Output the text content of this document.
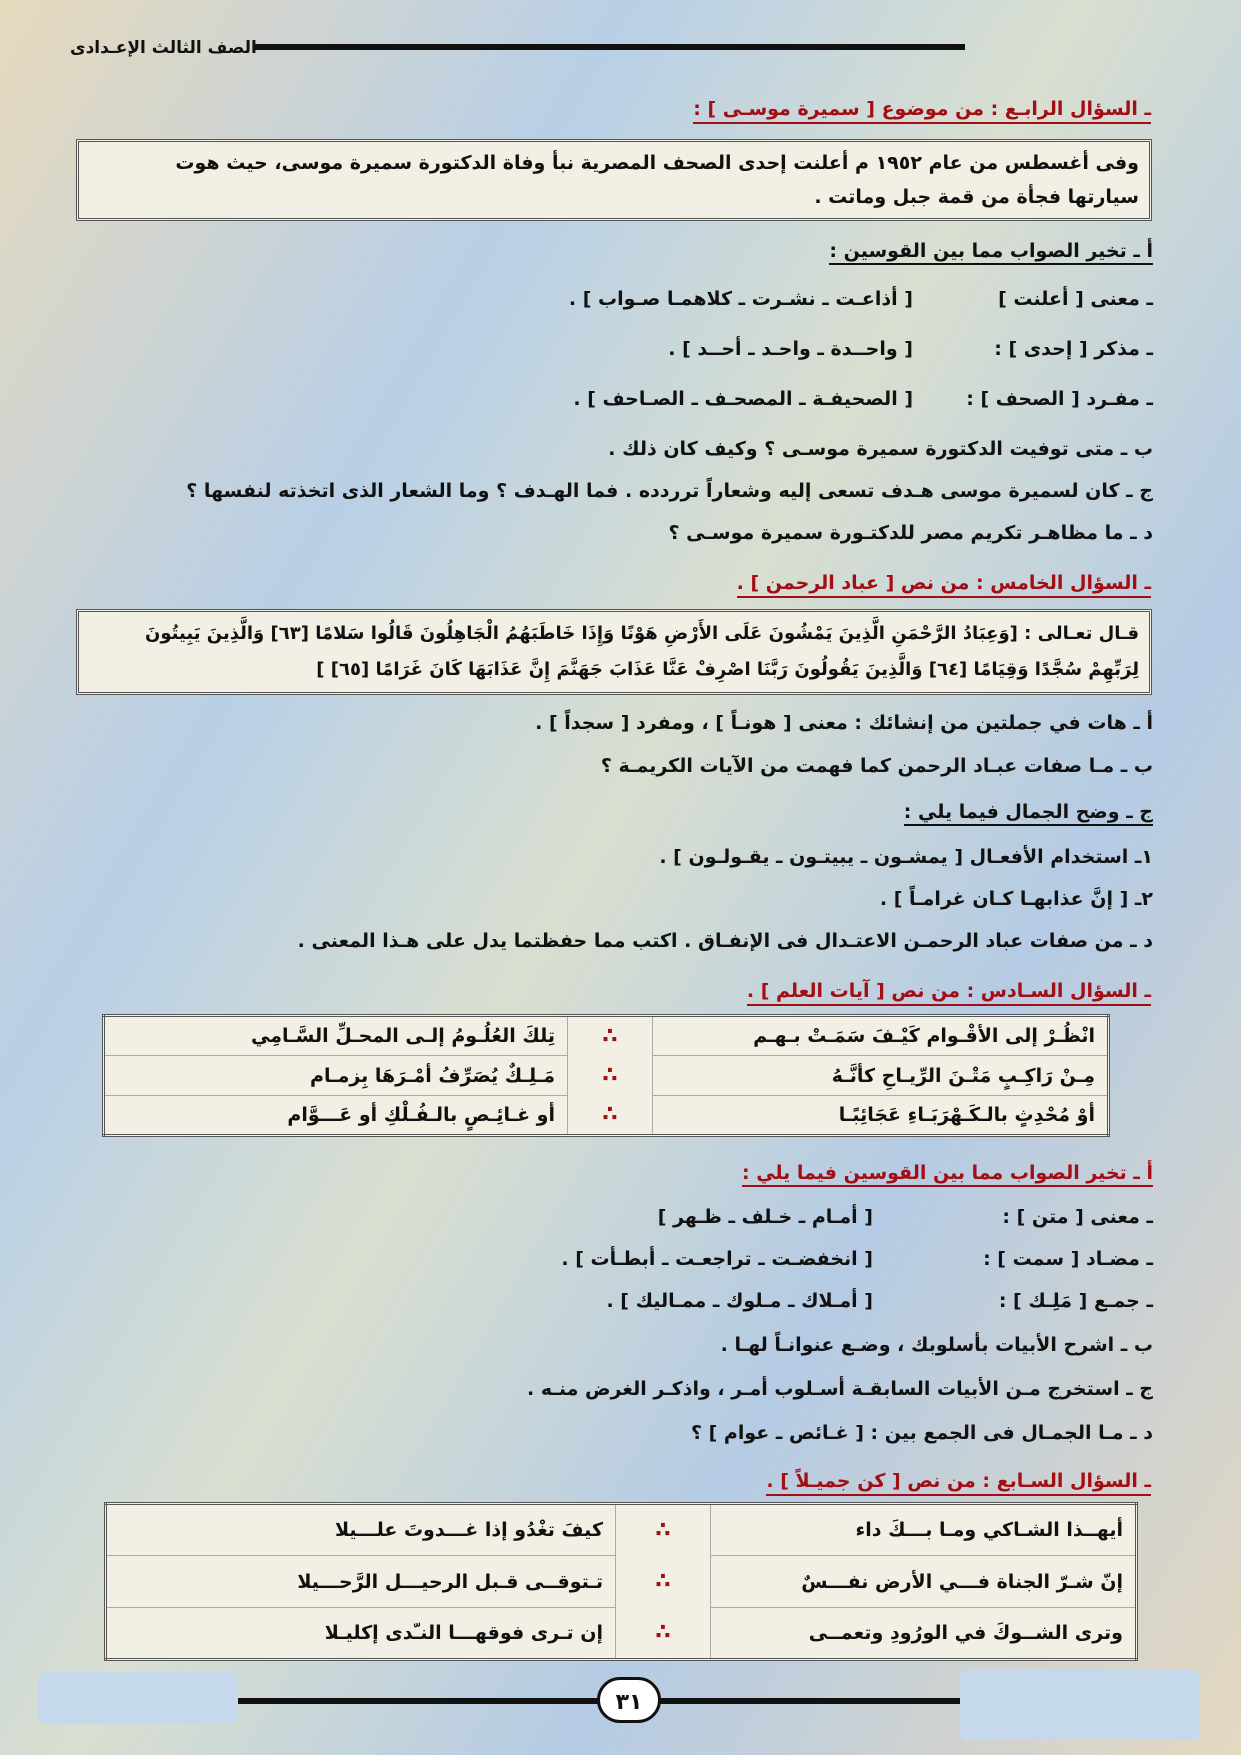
الصف الثالث الإعـدادى
ـ السؤال الرابـع : من موضوع [ سميرة موسـى ] :

وفى أغسطس من عام ١٩٥٢ م أعلنت إحدى الصحف المصرية نبأ وفاة الدكتورة سميرة موسى، حيث هوت

سيارتها فجأة من قمة جبل وماتت .

أ ـ تخير الصواب مما بين القوسين :
ـ معنى [ أعلنت ]
[ أذاعـت ـ نشـرت ـ كلاهمـا صـواب ] .
ـ مذكر [ إحدى ] :
[ واحــدة ـ واحـد ـ أحــد ] .
ـ مفـرد [ الصحف ] :
[ الصحيفـة ـ المصحـف ـ الصـاحف ] .
ب ـ متى توفيت الدكتورة سميرة موسـى ؟ وكيف كان ذلك .
ج ـ كان لسميرة موسى هـدف تسعى إليه وشعاراً ترردده . فما الهـدف ؟ وما الشعار الذى اتخذته لنفسها ؟
د ـ ما مظاهـر تكريم مصر للدكتـورة سميرة موسـى ؟
ـ السؤال الخامس : من نص [ عباد الرحمن ] .

قـال تعـالى : [وَعِبَادُ الرَّحْمَنِ الَّذِينَ يَمْشُونَ عَلَى الأَرْضِ هَوْنًا وَإِذَا خَاطَبَهُمُ الْجَاهِلُونَ قَالُوا سَلامًا [٦٣] وَالَّذِينَ يَبِيتُونَ

لِرَبِّهِمْ سُجَّدًا وَقِيَامًا [٦٤] وَالَّذِينَ يَقُولُونَ رَبَّنَا اصْرِفْ عَنَّا عَذَابَ جَهَنَّمَ إِنَّ عَذَابَهَا كَانَ غَرَامًا [٦٥] ]

أ ـ هات في جملتين من إنشائك : معنى [ هونـاً ] ، ومفرد [ سجداً ] .
ب ـ مـا صفات عبـاد الرحمن كما فهمت من الآيات الكريمـة ؟
ج ـ وضح الجمال فيما يلي :
١ـ استخدام الأفعـال [ يمشـون ـ يبيتـون ـ يقـولـون ] .
٢ـ [ إنَّ عذابهـا كـان غرامـاً ] .
د ـ من صفات عباد الرحمـن الاعتـدال فى الإنفـاق . اكتب مما حفظتما يدل على هـذا المعنى .
ـ السؤال السـادس : من نص [ آيات العلم ] .
انْظُـرْ إلى الأقْـوام كَيْـفَ سَمَـتْ بـهـم	∴	تِلكَ العُلُـومُ إلـى المحـلِّ السَّـامِي
مِـنْ رَاكِـبٍ مَتْـنَ الرِّيـاحِ كأنَّـهُ	∴	مَـلِـكٌ يُصَرِّفُ أمْـرَهَا بِزمـام
أوْ مُحْدِثٍ بالـكَـهْرَبَـاءِ عَجَائِبًـا	∴	أو غـائِـصٍ بالـفُـلْكِ أو عَـــوَّام
أ ـ تخير الصواب مما بين القوسين فيما يلي :
ـ معنى [ متن ] :
[ أمـام ـ خـلف ـ ظـهر ]
ـ مضـاد [ سمت ] :
[ انخفضـت ـ تراجعـت ـ أبطـأت ] .
ـ جمـع [ مَلِـك ] :
[ أمـلاك ـ مـلوك ـ ممـاليك ] .
ب ـ اشرح الأبيات بأسلوبك ، وضـع عنوانـاً لهـا .
ج ـ استخرج مـن الأبيات السابقـة أسـلوب أمـر ، واذكـر الغرض منـه .
د ـ مـا الجمـال فى الجمع بين : [ غـائص ـ عوام ] ؟
ـ السؤال السـابع : من نص [ كن جميـلاً ] .
أيهــذا الشـاكي ومـا بـــكَ داء	∴	كيفَ تغْدُو إذا غـــدوتَ علـــيلا
إنّ شـرّ الجناة فـــي الأرض نفـــسٌ	∴	تـتوقــى قـبل الرحيـــل الرَّحـــيلا
وترى الشــوكَ في الورُودِ وتعمــى	∴	إن تـرى فوقهـــا النـّدى إكليـلا
٣١
